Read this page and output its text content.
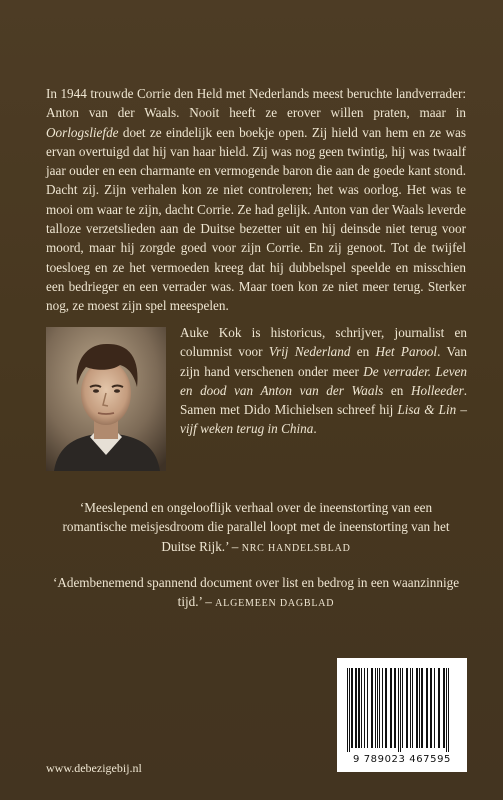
In 1944 trouwde Corrie den Held met Nederlands meest beruchte landverrader: Anton van der Waals. Nooit heeft ze erover willen praten, maar in Oorlogsliefde doet ze eindelijk een boekje open. Zij hield van hem en ze was ervan overtuigd dat hij van haar hield. Zij was nog geen twintig, hij was twaalf jaar ouder en een charmante en vermogende baron die aan de goede kant stond. Dacht zij. Zijn verhalen kon ze niet controleren; het was oorlog. Het was te mooi om waar te zijn, dacht Corrie. Ze had gelijk. Anton van der Waals leverde talloze verzetslieden aan de Duitse bezetter uit en hij deinsde niet terug voor moord, maar hij zorgde goed voor zijn Corrie. En zij genoot. Tot de twijfel toesloeg en ze het vermoeden kreeg dat hij dubbelspel speelde en misschien een bedrieger en een verrader was. Maar toen kon ze niet meer terug. Sterker nog, ze moest zijn spel meespelen.

Auke Kok is historicus, schrijver, journalist en columnist voor Vrij Nederland en Het Parool. Van zijn hand verschenen onder meer De verrader. Leven en dood van Anton van der Waals en Holleeder. Samen met Dido Michielsen schreef hij Lisa & Lin – vijf weken terug in China.

‘Meeslepend en ongelooflijk verhaal over de ineenstorting van een romantische meisjesdroom die parallel loopt met de ineenstorting van het Duitse Rijk.’ – NRC HANDELSBLAD

‘Adembenemend spannend document over list en bedrog in een waanzinnige tijd.’ – ALGEMEEN DAGBLAD

www.debezigebij.nl
9 789023 467595
